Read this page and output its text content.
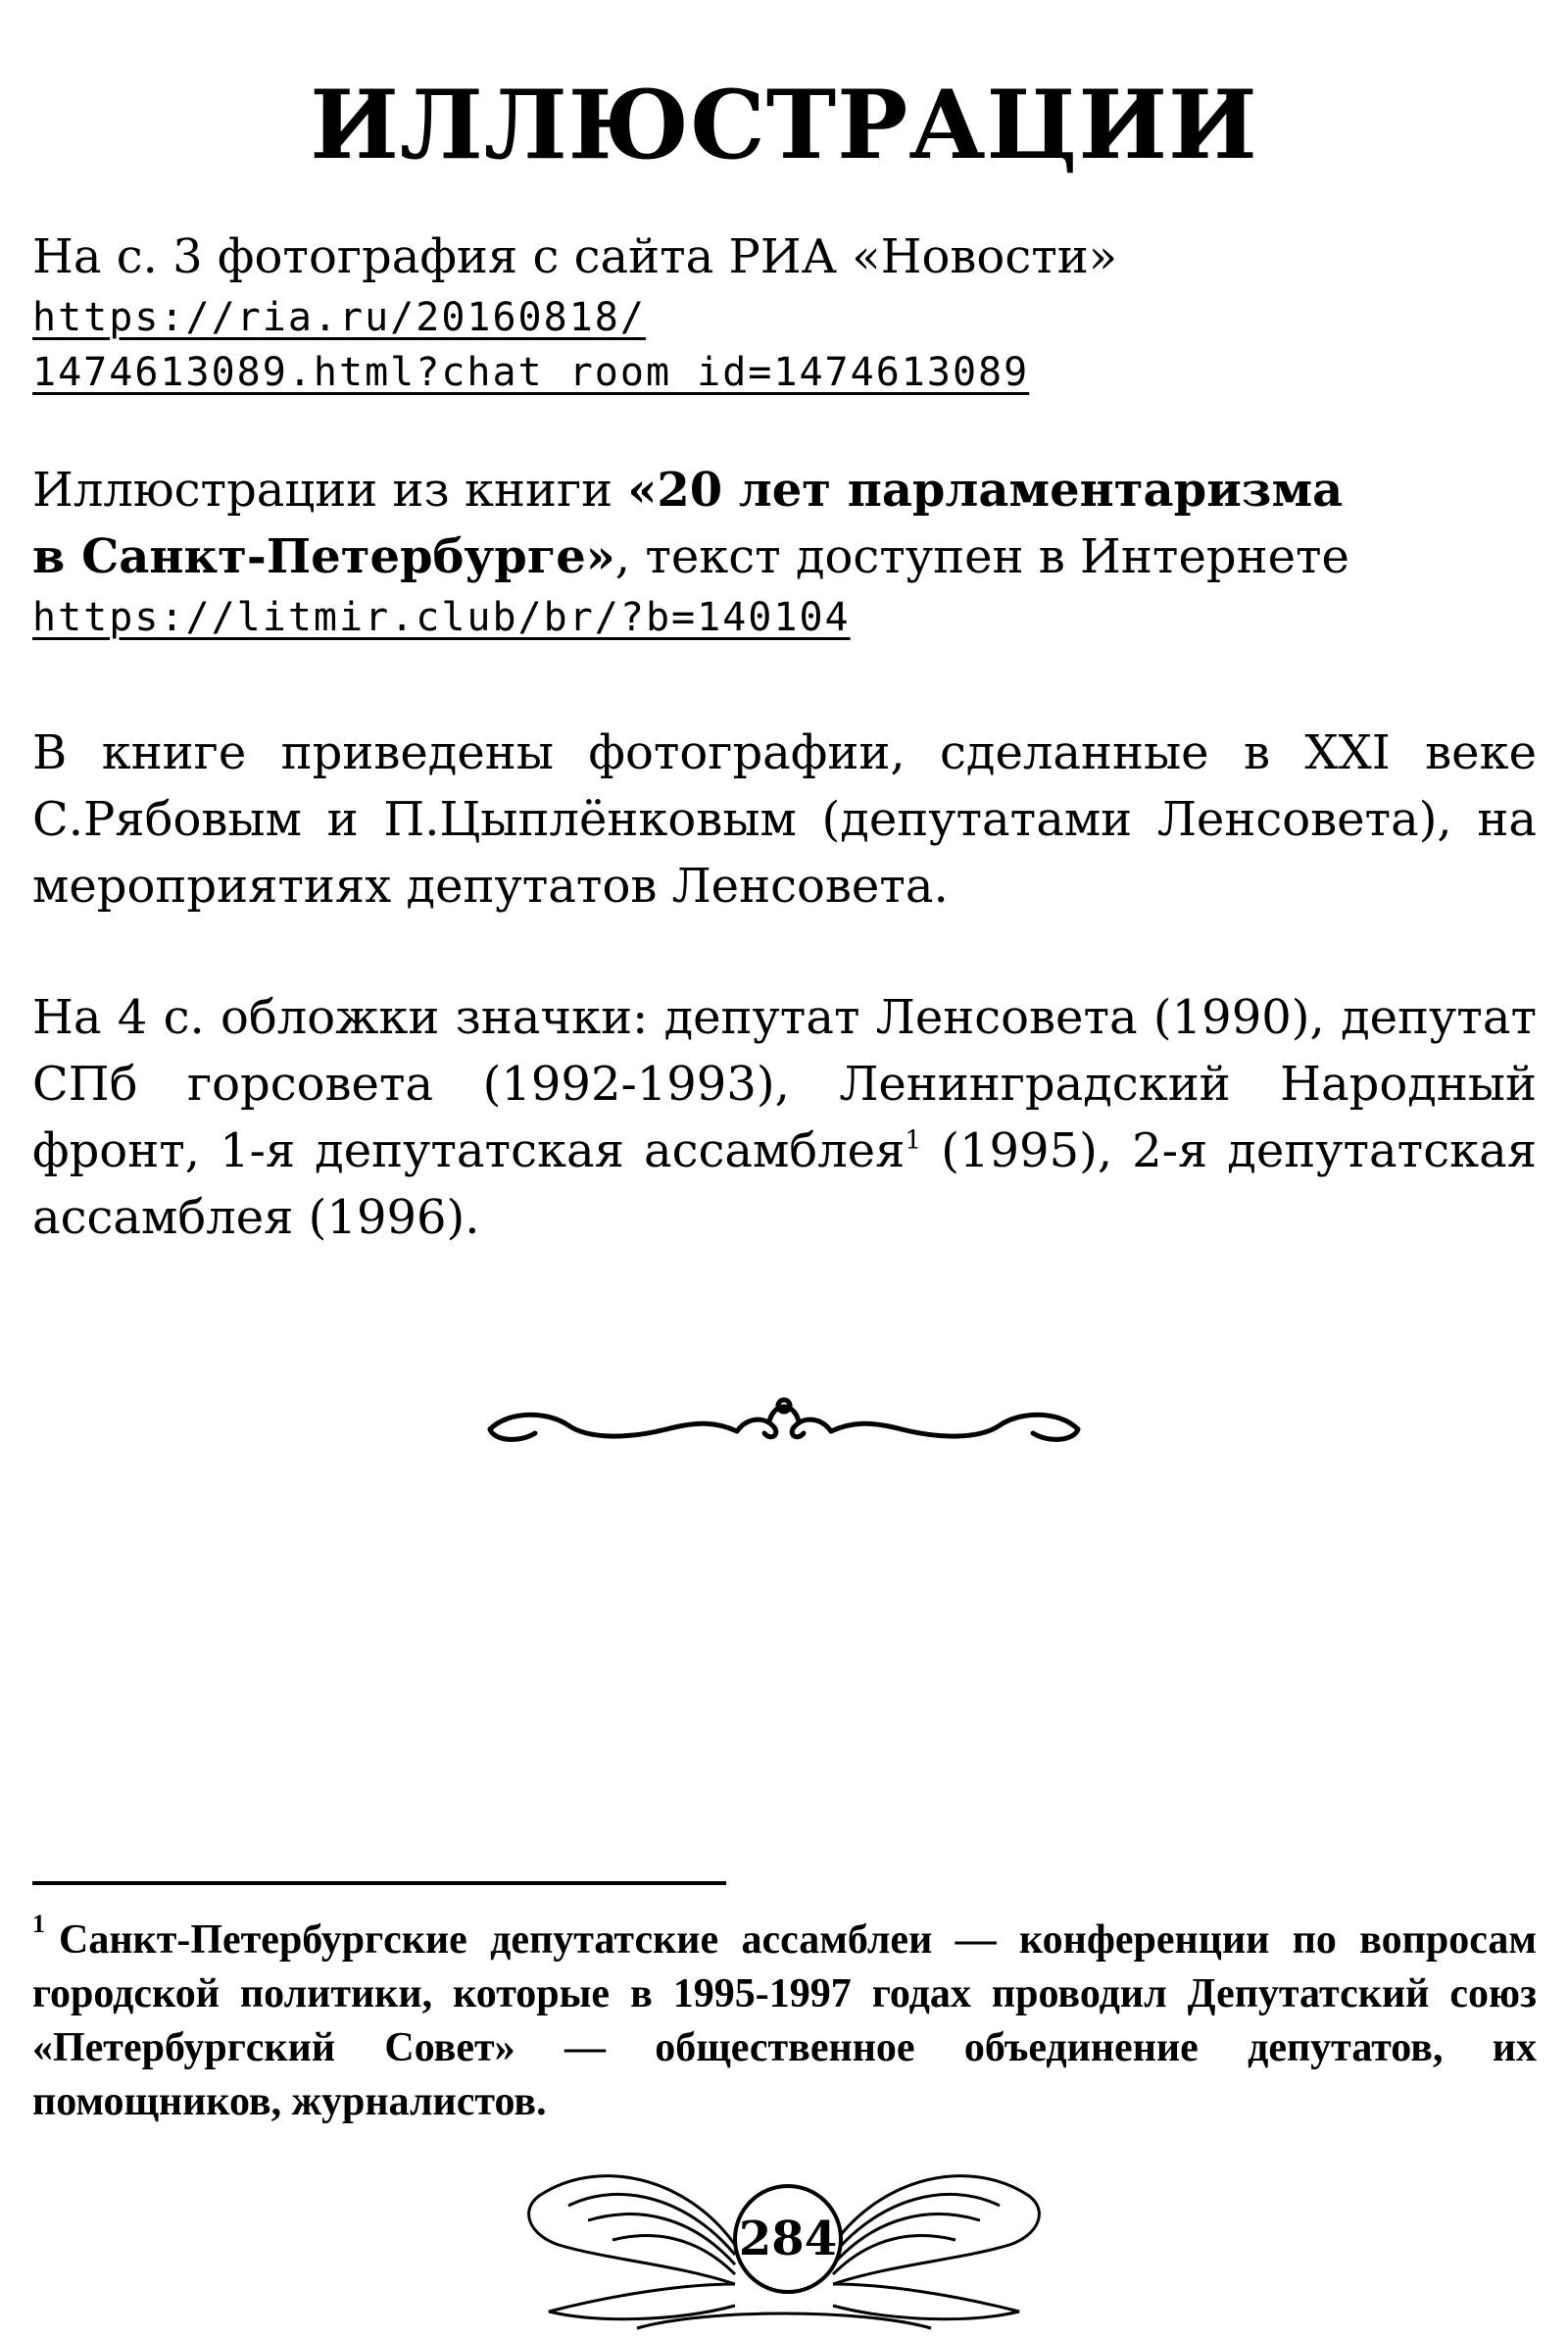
ИЛЛЮСТРАЦИИ
На с. 3 фотография с сайта РИА «Новости»
https://ria.ru/20160818/
1474613089.html?chat_room_id=1474613089
Иллюстрации из книги «20 лет парламентаризма
в Санкт-Петербурге», текст доступен в Интернете
https://litmir.club/br/?b=140104
В книге приведены фотографии, сделанные в XXI веке С.Рябовым и П.Цыплёнковым (депутатами Ленсовета), на мероприятиях депутатов Ленсовета.
На 4 с. обложки значки: депутат Ленсовета (1990), депутат СПб горсовета (1992-1993), Ленинградский Народный фронт, 1-я депутатская ассамблея$^1$ (1995), 2-я депутатская ассамблея (1996).
$^1$ Санкт-Петербургские депутатские ассамблеи — конференции по вопросам городской политики, которые в 1995-1997 годах проводил Депутатский союз «Петербургский Совет» — общественное объединение депутатов, их помощников, журналистов.
284
